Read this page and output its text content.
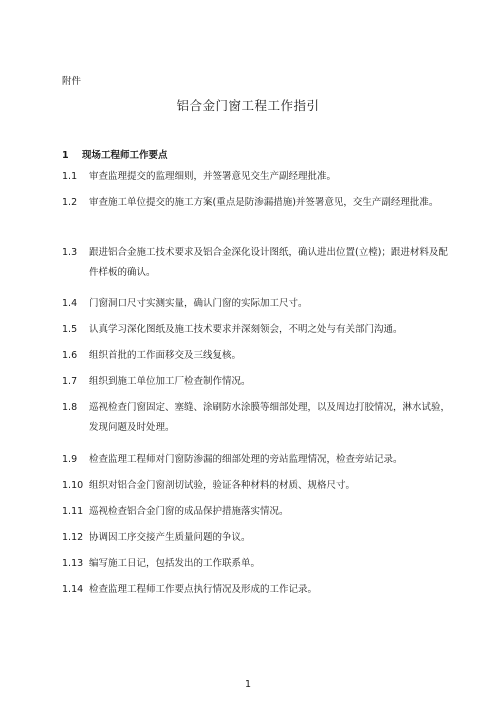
附件
铝合金门窗工程工作指引
1 现场工程师工作要点
1.1 审查监理提交的监理细则，并签署意见交生产副经理批准。
1.2 审查施工单位提交的施工方案(重点是防渗漏措施)并签署意见，交生产副经理批准。
1.3 跟进铝合金施工技术要求及铝合金深化设计图纸，确认进出位置(立樘)；跟进材料及配件样板的确认。
1.4 门窗洞口尺寸实测实量，确认门窗的实际加工尺寸。
1.5 认真学习深化图纸及施工技术要求并深刻领会，不明之处与有关部门沟通。
1.6 组织首批的工作面移交及三线复核。
1.7 组织到施工单位加工厂检查制作情况。
1.8 巡视检查门窗固定、塞缝、涂刷防水涂膜等细部处理，以及周边打胶情况，淋水试验，发现问题及时处理。
1.9 检查监理工程师对门窗防渗漏的细部处理的旁站监理情况，检查旁站记录。
1.10 组织对铝合金门窗剖切试验，验证各种材料的材质、规格尺寸。
1.11 巡视检查铝合金门窗的成品保护措施落实情况。
1.12 协调因工序交接产生质量问题的争议。
1.13 编写施工日记，包括发出的工作联系单。
1.14 检查监理工程师工作要点执行情况及形成的工作记录。
1
